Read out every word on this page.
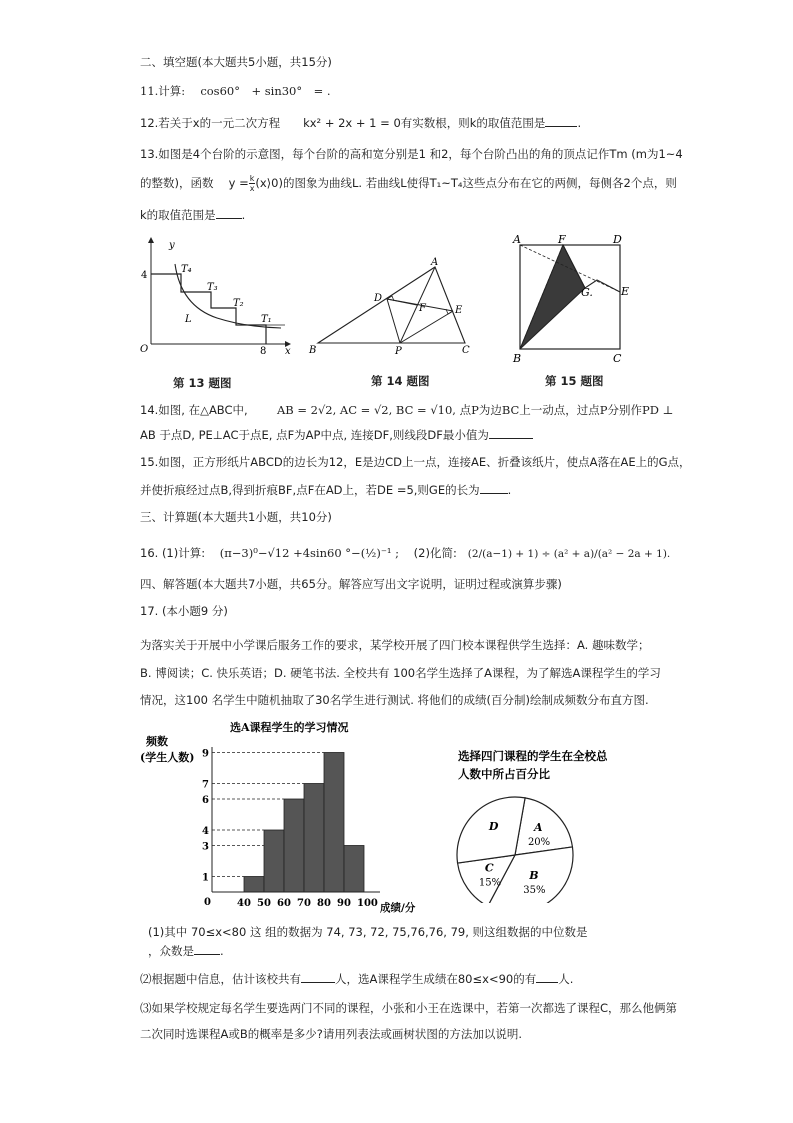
二、填空题(本大题共5小题，共15分)
11.计算:　 cos60°　+ sin30°　= .
12.若关于x的一元二次方程　　kx² + 2x + 1 = 0有实数根，则k的取值范围是	.
13.如图是4个台阶的示意图，每个台阶的高和宽分别是1 和2，每个台阶凸出的角的顶点记作Tm (m为1~4
的整数)，函数　 $y = \frac{k}{x}$ (x⟩0)的图象为曲线L. 若曲线L使得T₁~T₄这些点分布在它的两侧，每侧各2个点，则
k的取值范围是 .
y
x
O
4
8
T₄
T₃
T₂
T₁
L
第 13 题图
A
B	C
D
E
F
P
第 14 题图
A	F	D
B	C
E
G.
第 15 题图
14.如图, 在△ABC中,	AB = 2√2, AC = √2, BC = √10, 点P为边BC上一动点，过点P分别作PD ⊥
AB 于点D, PE⊥AC于点E, 点F为AP中点, 连接DF,则线段DF最小值为
15.如图，正方形纸片ABCD的边长为12，E是边CD上一点，连接AE、折叠该纸片，使点A落在AE上的G点，
并使折痕经过点B,得到折痕BF,点F在AD上，若DE =5,则GE的长为 .
三、计算题(本大题共1小题，共10分)
16. (1)计算: (π−3)⁰−√12 +4sin60 °−(½)⁻¹ ; (2)化简: (2/(a−1) + 1) ÷ (a² + a)/(a² − 2a + 1).
四、解答题(本大题共7小题，共65分。解答应写出文字说明，证明过程或演算步骤)
17. (本小题9 分)
为落实关于开展中小学课后服务工作的要求，某学校开展了四门校本课程供学生选择：A. 趣味数学；
B. 博阅读；C. 快乐英语；D. 硬笔书法. 全校共有 100名学生选择了A课程，为了解选A课程学生的学习
情况，这100 名学生中随机抽取了30名学生进行测试. 将他们的成绩(百分制)绘制成频数分布直方图.
选A课程学生的学习情况
频数
(学生人数)
0	成绩/分
1
3
4
6
7
9
40 50 60 70 80 90 100
选择四门课程的学生在全校总
人数中所占百分比
A
20%
B
35%
C
15%
D
(1)其中 70≤x<80 这 组的数据为 74, 73, 72, 75,76,76, 79, 则这组数据的中位数是
，众数是 .
⑵根据题中信息，估计该校共有	人，选A课程学生成绩在80≤x<90的有 人.
⑶如果学校规定每名学生要选两门不同的课程，小张和小王在选课中，若第一次都选了课程C，那么他俩第
二次同时选课程A或B的概率是多少?请用列表法或画树状图的方法加以说明.
